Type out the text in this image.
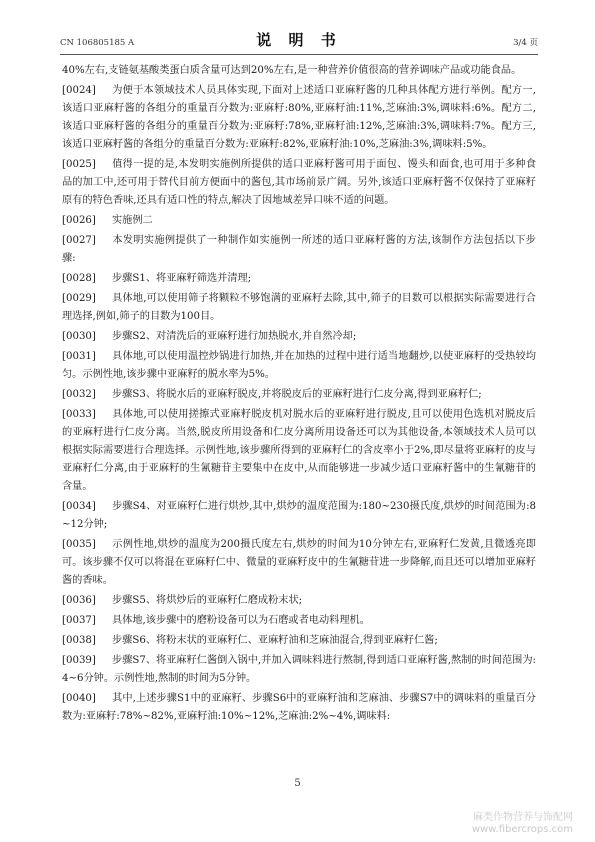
CN 106805185 A	说 明 书	3/4 页

40%左右,支链氨基酸类蛋白质含量可达到20%左右,是一种营养价值很高的营养调味产品或功能食品。

[0024] 为便于本领域技术人员具体实现,下面对上述适口亚麻籽酱的几种具体配方进行举例。配方一,该适口亚麻籽酱的各组分的重量百分数为:亚麻籽:80%,亚麻籽油:11%,芝麻油:3%,调味料:6%。配方二,该适口亚麻籽酱的各组分的重量百分数为:亚麻籽:78%,亚麻籽油:12%,芝麻油:3%,调味料:7%。配方三,该适口亚麻籽酱的各组分的重量百分数为:亚麻籽:82%,亚麻籽油:10%,芝麻油:3%,调味料:5%。

[0025] 值得一提的是,本发明实施例所提供的适口亚麻籽酱可用于面包、馒头和面食,也可用于多种食品的加工中,还可用于替代目前方便面中的酱包,其市场前景广阔。另外,该适口亚麻籽酱不仅保持了亚麻籽原有的特色香味,还具有适口性的特点,解决了因地域差异口味不适的问题。

[0026] 实施例二

[0027] 本发明实施例提供了一种制作如实施例一所述的适口亚麻籽酱的方法,该制作方法包括以下步骤:

[0028] 步骤S1、将亚麻籽筛选并清理;

[0029] 具体地,可以使用筛子将颗粒不够饱满的亚麻籽去除,其中,筛子的目数可以根据实际需要进行合理选择,例如,筛子的目数为100目。

[0030] 步骤S2、对清洗后的亚麻籽进行加热脱水,并自然冷却;

[0031] 具体地,可以使用温控炒锅进行加热,并在加热的过程中进行适当地翻炒,以使亚麻籽的受热较均匀。示例性地,该步骤中亚麻籽的脱水率为5%。

[0032] 步骤S3、将脱水后的亚麻籽脱皮,并将脱皮后的亚麻籽进行仁皮分离,得到亚麻籽仁;

[0033] 具体地,可以使用搓擦式亚麻籽脱皮机对脱水后的亚麻籽进行脱皮,且可以使用色选机对脱皮后的亚麻籽进行仁皮分离。当然,脱皮所用设备和仁皮分离所用设备还可以为其他设备,本领域技术人员可以根据实际需要进行合理选择。示例性地,该步骤所得到的亚麻籽仁的含皮率小于2%,即尽量将亚麻籽的皮与亚麻籽仁分离,由于亚麻籽的生氰糖苷主要集中在皮中,从而能够进一步减少适口亚麻籽酱中的生氰糖苷的含量。

[0034] 步骤S4、对亚麻籽仁进行烘炒,其中,烘炒的温度范围为:180~230摄氏度,烘炒的时间范围为:8~12分钟;

[0035] 示例性地,烘炒的温度为200摄氏度左右,烘炒的时间为10分钟左右,亚麻籽仁发黄,且微透亮即可。该步骤不仅可以将混在亚麻籽仁中、微量的亚麻籽皮中的生氰糖苷进一步降解,而且还可以增加亚麻籽酱的香味。

[0036] 步骤S5、将烘炒后的亚麻籽仁磨成粉末状;

[0037] 具体地,该步骤中的磨粉设备可以为石磨或者电动料理机。

[0038] 步骤S6、将粉末状的亚麻籽仁、亚麻籽油和芝麻油混合,得到亚麻籽仁酱;

[0039] 步骤S7、将亚麻籽仁酱倒入锅中,并加入调味料进行熬制,得到适口亚麻籽酱,熬制的时间范围为:4~6分钟。示例性地,熬制的时间为5分钟。

[0040] 其中,上述步骤S1中的亚麻籽、步骤S6中的亚麻籽油和芝麻油、步骤S7中的调味料的重量百分数为:亚麻籽:78%~82%,亚麻籽油:10%~12%,芝麻油:2%~4%,调味料:

5
麻类作物营养与饰配网
www.fibercrops.com
